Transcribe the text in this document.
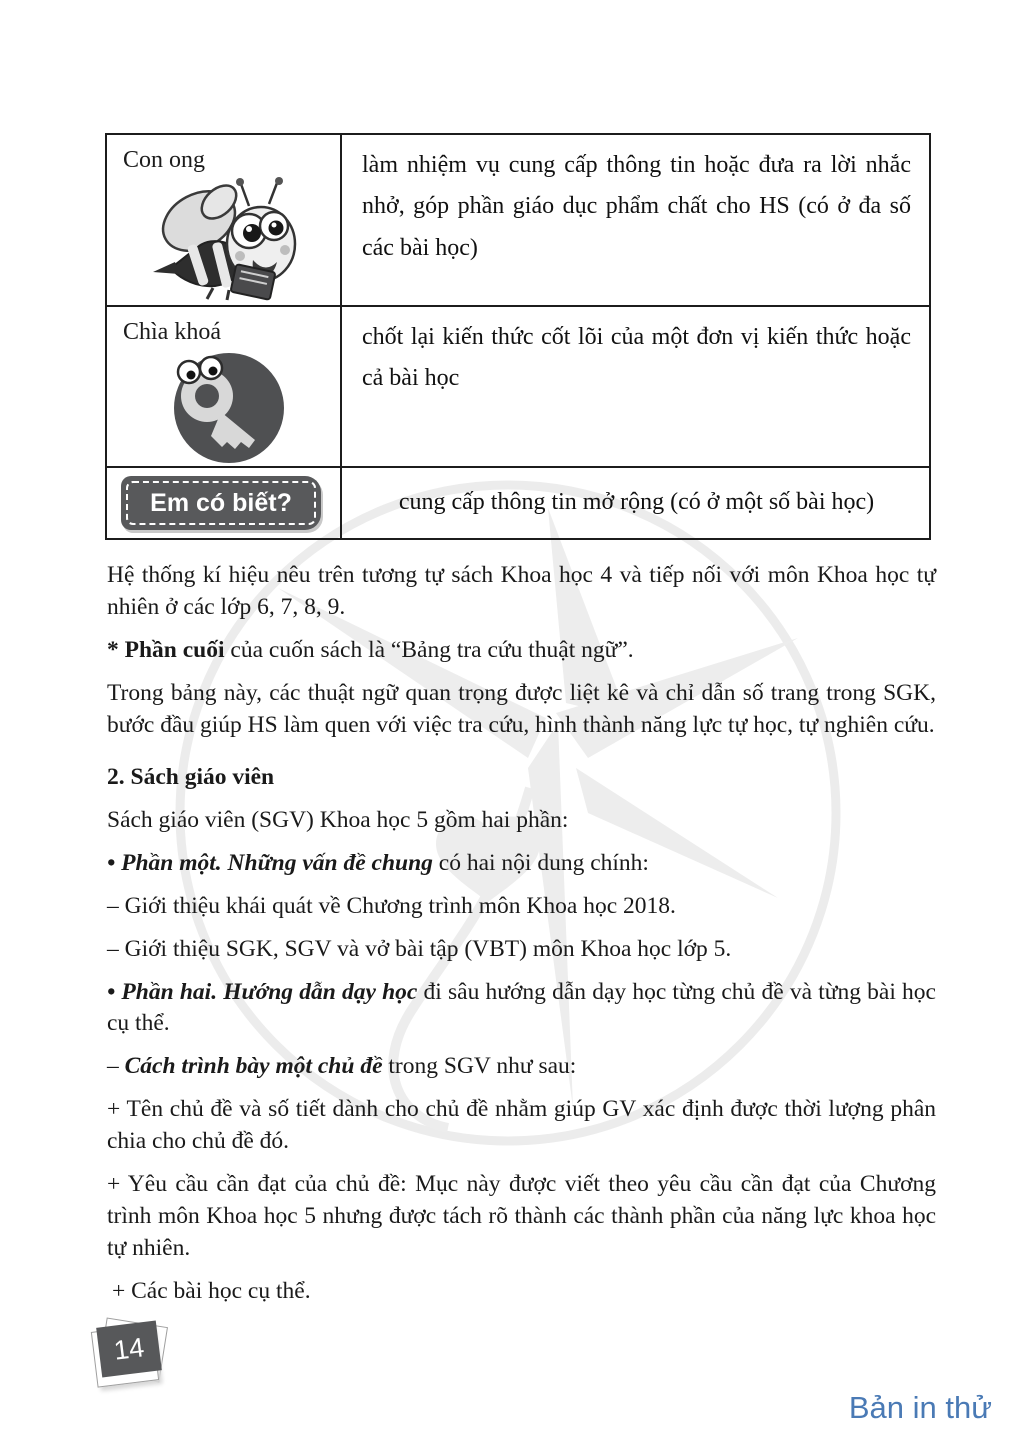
Con ong	làm nhiệm vụ cung cấp thông tin hoặc đưa ra lời nhắc nhở, góp phần giáo dục phẩm chất cho HS (có ở đa số các bài học)

Chìa khoá	chốt lại kiến thức cốt lõi của một đơn vị kiến thức hoặc cả bài học

Em có biết?	cung cấp thông tin mở rộng (có ở một số bài học)

Hệ thống kí hiệu nêu trên tương tự sách Khoa học 4 và tiếp nối với môn Khoa học tự nhiên ở các lớp 6, 7, 8, 9.

* Phần cuối của cuốn sách là “Bảng tra cứu thuật ngữ”.

Trong bảng này, các thuật ngữ quan trọng được liệt kê và chỉ dẫn số trang trong SGK, bước đầu giúp HS làm quen với việc tra cứu, hình thành năng lực tự học, tự nghiên cứu.

2. Sách giáo viên

Sách giáo viên (SGV) Khoa học 5 gồm hai phần:

• Phần một. Những vấn đề chung có hai nội dung chính:

– Giới thiệu khái quát về Chương trình môn Khoa học 2018.

– Giới thiệu SGK, SGV và vở bài tập (VBT) môn Khoa học lớp 5.

• Phần hai. Hướng dẫn dạy học đi sâu hướng dẫn dạy học từng chủ đề và từng bài học cụ thể.

– Cách trình bày một chủ đề trong SGV như sau:

+ Tên chủ đề và số tiết dành cho chủ đề nhằm giúp GV xác định được thời lượng phân chia cho chủ đề đó.

+ Yêu cầu cần đạt của chủ đề: Mục này được viết theo yêu cầu cần đạt của Chương trình môn Khoa học 5 nhưng được tách rõ thành các thành phần của năng lực khoa học tự nhiên.

+ Các bài học cụ thể.

14
Bản in thử
